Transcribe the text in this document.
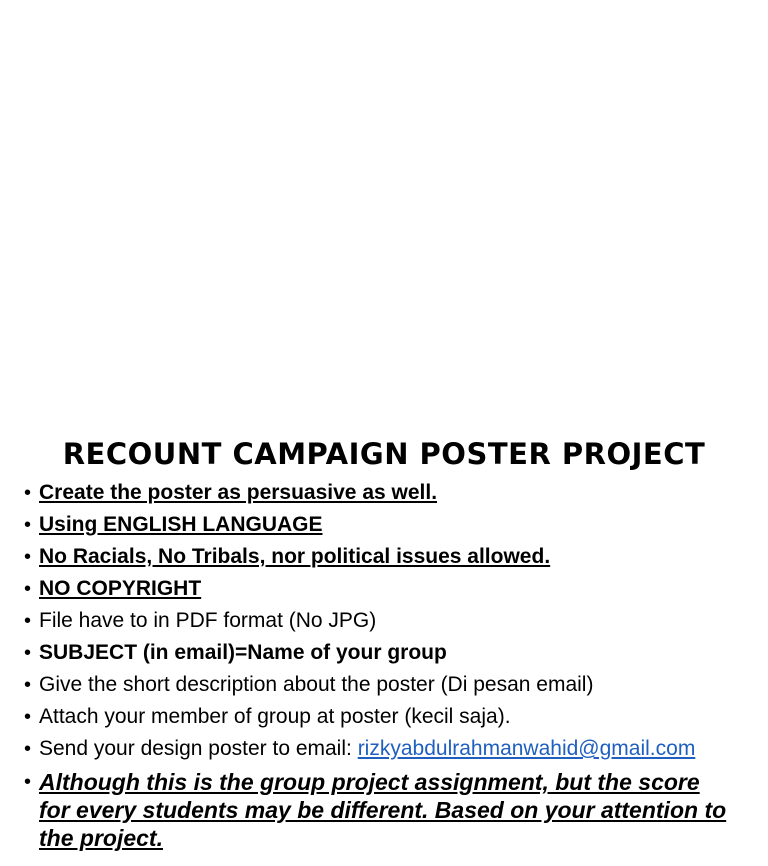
RECOUNT CAMPAIGN POSTER PROJECT
• Create the poster as persuasive as well.
• Using ENGLISH LANGUAGE
• No Racials, No Tribals, nor political issues allowed.
• NO COPYRIGHT
• File have to in PDF format (No JPG)
• SUBJECT (in email)=Name of your group
• Give the short description about the poster (Di pesan email)
• Attach your member of group at poster (kecil saja).
• Send your design poster to email: rizkyabdulrahmanwahid@gmail.com
• Although this is the group project assignment, but the score for every students may be different. Based on your attention to the project.
